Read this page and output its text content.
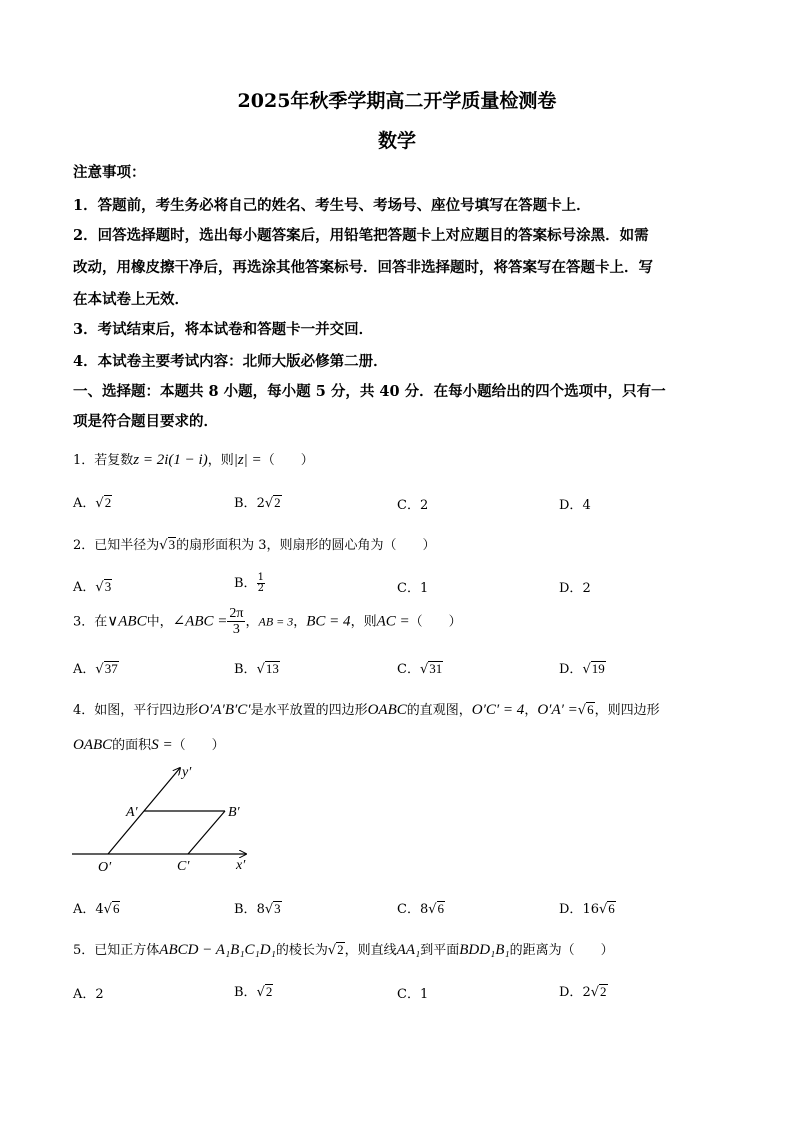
2025年秋季学期高二开学质量检测卷
数学
注意事项：
1．答题前，考生务必将自己的姓名、考生号、考场号、座位号填写在答题卡上．
2．回答选择题时，选出每小题答案后，用铅笔把答题卡上对应题目的答案标号涂黑．如需
改动，用橡皮擦干净后，再选涂其他答案标号．回答非选择题时，将答案写在答题卡上．写
在本试卷上无效．
3．考试结束后，将本试卷和答题卡一并交回．
4．本试卷主要考试内容：北师大版必修第二册．
一、选择题：本题共 8 小题，每小题 5 分，共 40 分．在每小题给出的四个选项中，只有一
项是符合题目要求的．
1．若复数z = 2i(1 − i)，则|z| =（　　）
A．√2	B．2√2	C．2	D．4
2．已知半径为√3的扇形面积为 3，则扇形的圆心角为（　　）
A．√3	B． $\frac{1}{2}$	C．1	D．2
3．在∨ABC中，∠ABC = $\frac{2\pi}{3}$ ，AB = 3，BC = 4，则AC =（　　）
A．√37	B．√13	C．√31	D．√19
4．如图，平行四边形O′A′B′C′是水平放置的四边形OABC的直观图，O′C′ = 4，O′A′ =√6，则四边形
OABC的面积S =（　　）
y′
A′	B′
O′	C′	x′
A．4√6	B．8√3	C．8√6	D．16√6
5．已知正方体ABCD − A₁B₁C₁D₁的棱长为√2，则直线AA₁到平面BDD₁B₁的距离为（　　）
A．2	B．√2	C．1	D．2√2
